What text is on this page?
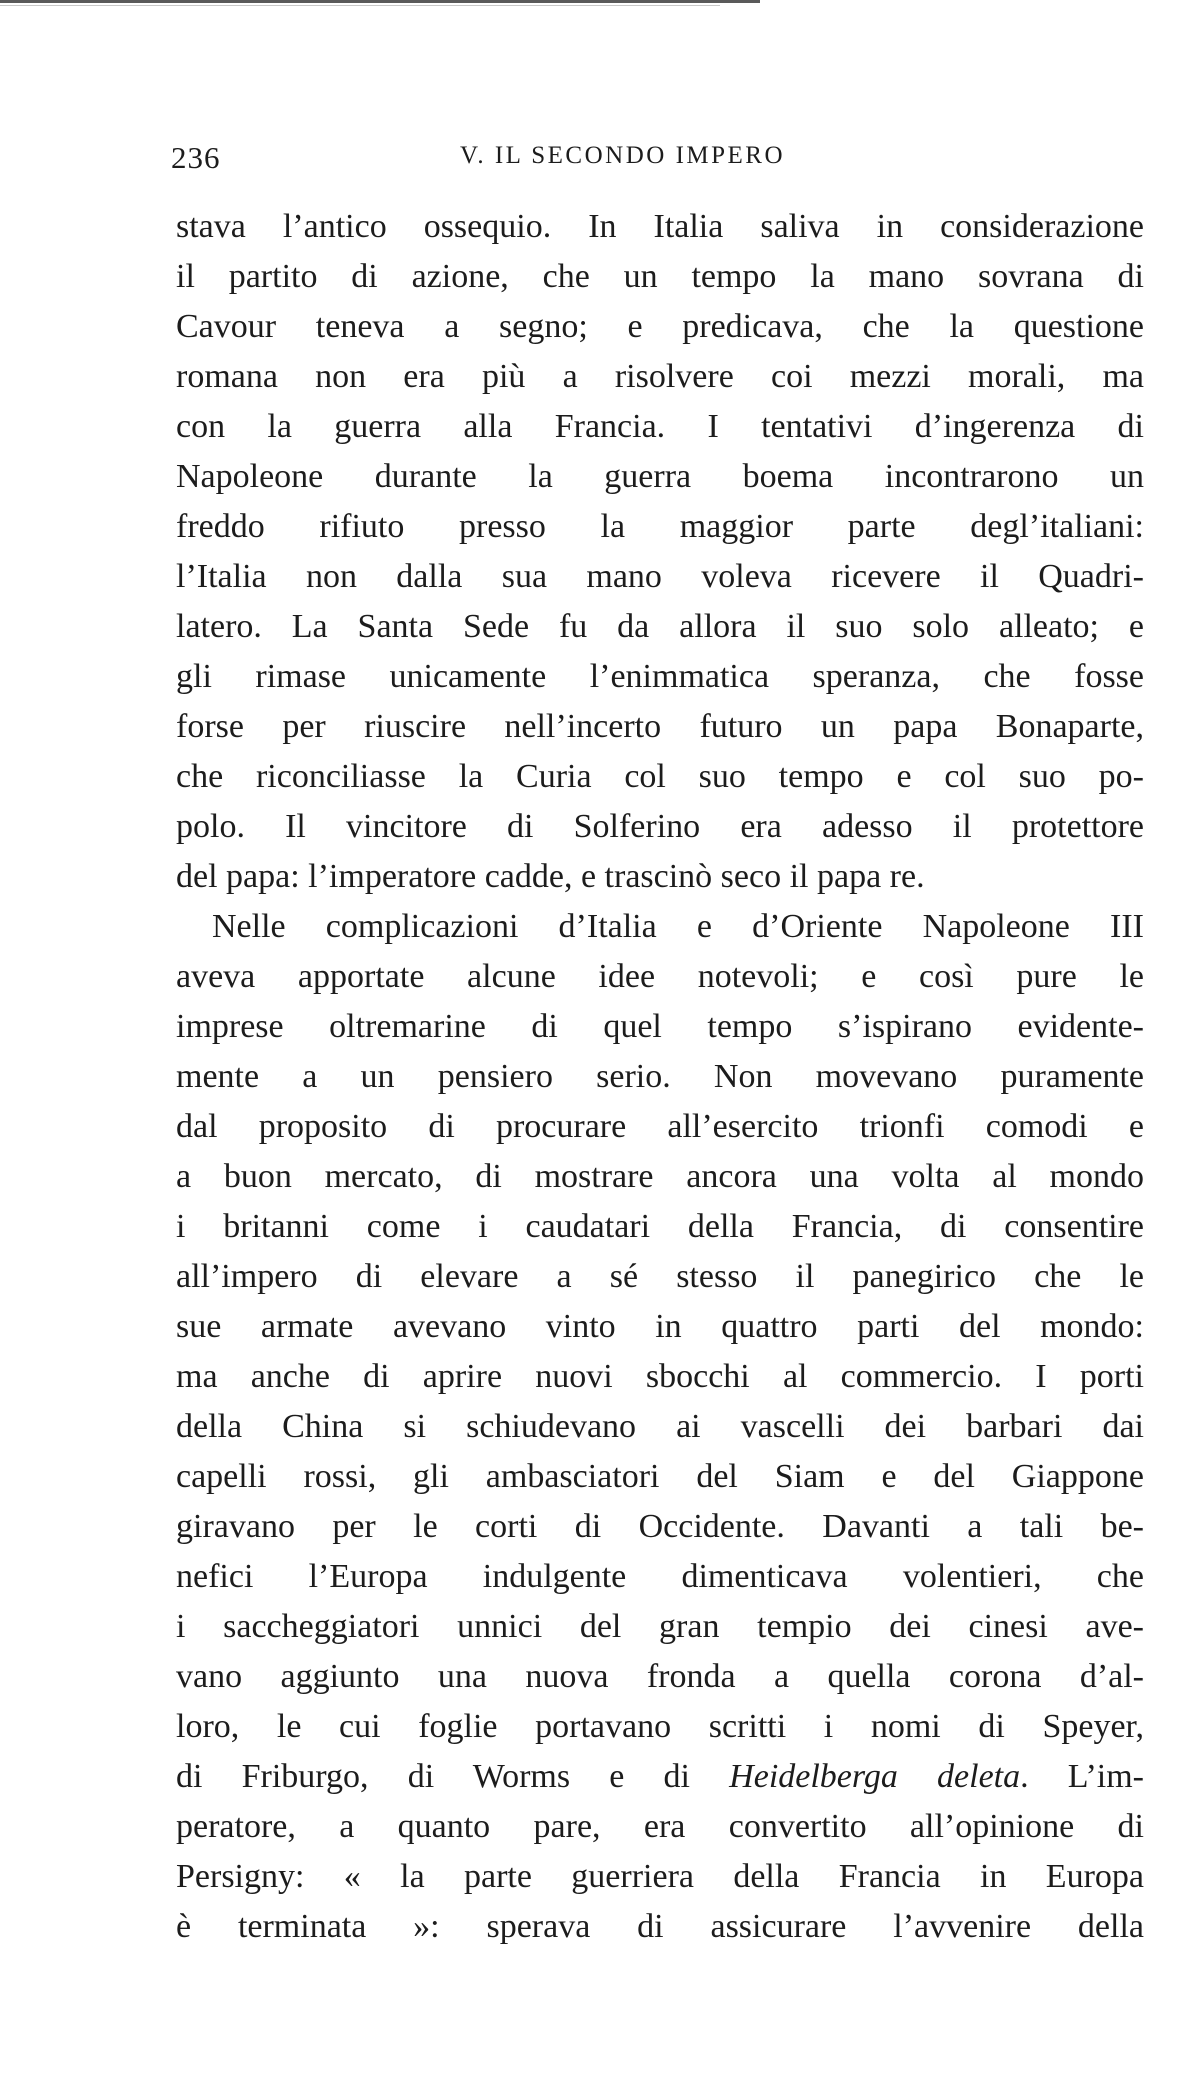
236	V. IL SECONDO IMPERO
stava l’antico ossequio. In Italia saliva in considerazione
il partito di azione, che un tempo la mano sovrana di
Cavour teneva a segno; e predicava, che la questione
romana non era più a risolvere coi mezzi morali, ma
con la guerra alla Francia. I tentativi d’ingerenza di
Napoleone durante la guerra boema incontrarono un
freddo rifiuto presso la maggior parte degl’italiani:
l’Italia non dalla sua mano voleva ricevere il Quadri-
latero. La Santa Sede fu da allora il suo solo alleato; e
gli rimase unicamente l’enimmatica speranza, che fosse
forse per riuscire nell’incerto futuro un papa Bonaparte,
che riconciliasse la Curia col suo tempo e col suo po-
polo. Il vincitore di Solferino era adesso il protettore
del papa: l’imperatore cadde, e trascinò seco il papa re.
Nelle complicazioni d’Italia e d’Oriente Napoleone III
aveva apportate alcune idee notevoli; e così pure le
imprese oltremarine di quel tempo s’ispirano evidente-
mente a un pensiero serio. Non movevano puramente
dal proposito di procurare all’esercito trionfi comodi e
a buon mercato, di mostrare ancora una volta al mondo
i britanni come i caudatari della Francia, di consentire
all’impero di elevare a sé stesso il panegirico che le
sue armate avevano vinto in quattro parti del mondo:
ma anche di aprire nuovi sbocchi al commercio. I porti
della China si schiudevano ai vascelli dei barbari dai
capelli rossi, gli ambasciatori del Siam e del Giappone
giravano per le corti di Occidente. Davanti a tali be-
nefici l’Europa indulgente dimenticava volentieri, che
i saccheggiatori unnici del gran tempio dei cinesi ave-
vano aggiunto una nuova fronda a quella corona d’al-
loro, le cui foglie portavano scritti i nomi di Speyer,
di Friburgo, di Worms e di Heidelberga deleta. L’im-
peratore, a quanto pare, era convertito all’opinione di
Persigny: « la parte guerriera della Francia in Europa
è terminata »: sperava di assicurare l’avvenire della
